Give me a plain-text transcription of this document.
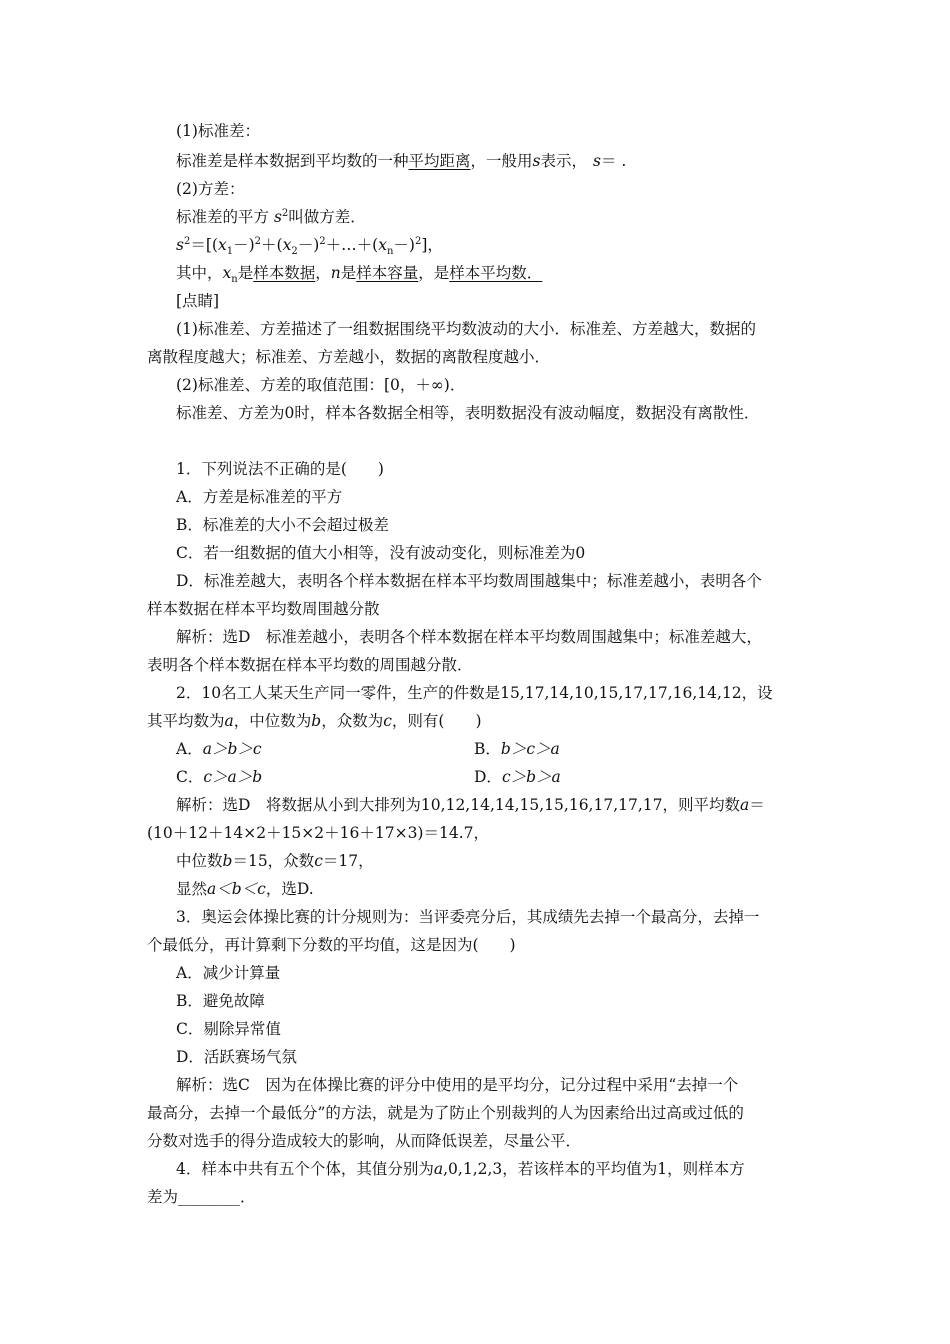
(1)标准差：
标准差是样本数据到平均数的一种平均距离，一般用s表示， s＝ .
(2)方差：
标准差的平方 $s^2$叫做方差．
$s^2=[(x_1-)^2+(x_2-)^2+\dots+(x_n-)^2]$，
其中，$x_n$是样本数据，n是样本容量，是样本平均数．
[点睛]
(1)标准差、方差描述了一组数据围绕平均数波动的大小．标准差、方差越大，数据的
离散程度越大；标准差、方差越小，数据的离散程度越小．
(2)标准差、方差的取值范围：[0，＋∞)．
标准差、方差为0时，样本各数据全相等，表明数据没有波动幅度，数据没有离散性．
1．下列说法不正确的是(　　)
A．方差是标准差的平方
B．标准差的大小不会超过极差
C．若一组数据的值大小相等，没有波动变化，则标准差为0
D．标准差越大，表明各个样本数据在样本平均数周围越集中；标准差越小，表明各个
样本数据在样本平均数周围越分散
解析：选D　标准差越小，表明各个样本数据在样本平均数周围越集中；标准差越大，
表明各个样本数据在样本平均数的周围越分散．
2．10名工人某天生产同一零件，生产的件数是15,17,14,10,15,17,17,16,14,12，设
其平均数为a，中位数为b，众数为c，则有(　　)
A．a＞b＞c	B．b＞c＞a
C．c＞a＞b	D．c＞b＞a
解析：选D　将数据从小到大排列为10,12,14,14,15,15,16,17,17,17，则平均数a＝
(10＋12＋14×2＋15×2＋16＋17×3)＝14.7，
中位数b＝15，众数c＝17，
显然a＜b＜c，选D.
3．奥运会体操比赛的计分规则为：当评委亮分后，其成绩先去掉一个最高分，去掉一
个最低分，再计算剩下分数的平均值，这是因为(　　)
A．减少计算量
B．避免故障
C．剔除异常值
D．活跃赛场气氛
解析：选C　因为在体操比赛的评分中使用的是平均分，记分过程中采用“去掉一个
最高分，去掉一个最低分”的方法，就是为了防止个别裁判的人为因素给出过高或过低的
分数对选手的得分造成较大的影响，从而降低误差，尽量公平．
4．样本中共有五个个体，其值分别为a,0,1,2,3，若该样本的平均值为1，则样本方
差为________．
